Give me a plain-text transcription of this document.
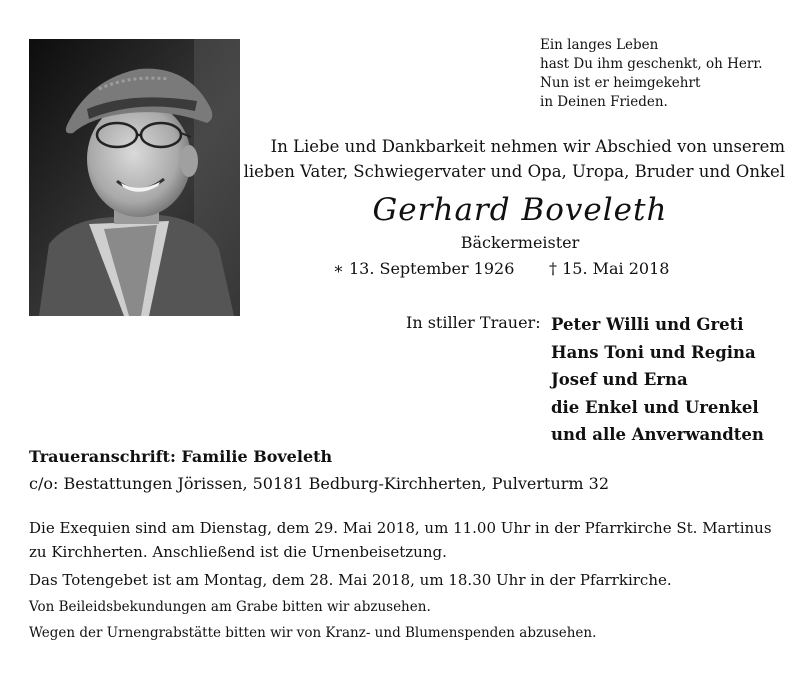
Ein langes Leben
hast Du ihm geschenkt, oh Herr.
Nun ist er heimgekehrt
in Deinen Frieden.
In Liebe und Dankbarkeit nehmen wir Abschied von unserem
lieben Vater, Schwiegervater und Opa, Uropa, Bruder und Onkel
Gerhard Boveleth
Bäckermeister
∗ 13. September 1926 † 15. Mai 2018
In stiller Trauer: Peter Willi und Greti
Hans Toni und Regina
Josef und Erna
die Enkel und Urenkel
und alle Anverwandten
Traueranschrift: Familie Boveleth
c/o: Bestattungen Jörissen, 50181 Bedburg-Kirchherten, Pulverturm 32
Die Exequien sind am Dienstag, dem 29. Mai 2018, um 11.00 Uhr in der Pfarrkirche St. Martinus
zu Kirchherten. Anschließend ist die Urnenbeisetzung.
Das Totengebet ist am Montag, dem 28. Mai 2018, um 18.30 Uhr in der Pfarrkirche.
Von Beileidsbekundungen am Grabe bitten wir abzusehen.
Wegen der Urnengrabstätte bitten wir von Kranz- und Blumenspenden abzusehen.
